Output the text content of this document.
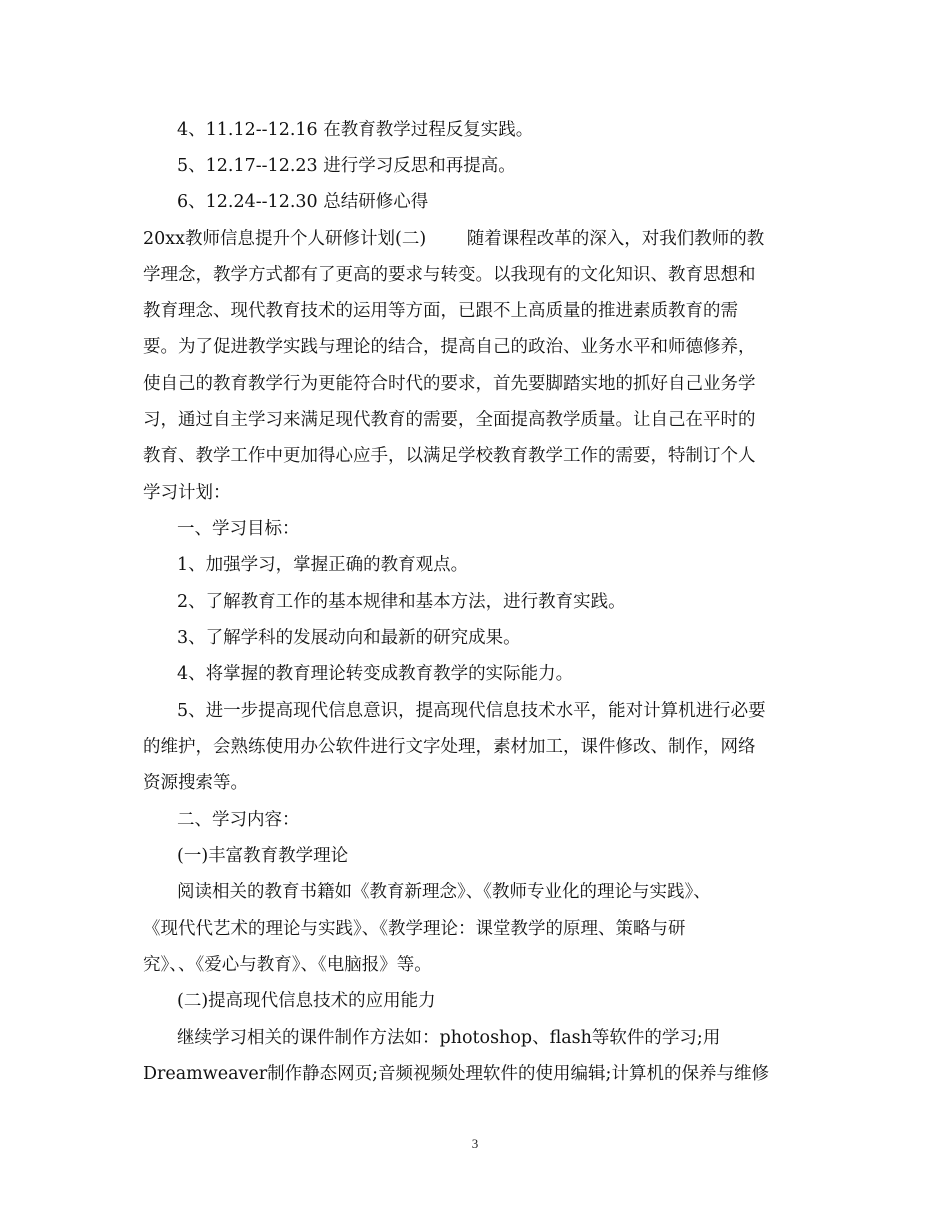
4、11.12--12.16 在教育教学过程反复实践。
5、12.17--12.23 进行学习反思和再提高。
6、12.24--12.30 总结研修心得
20xx教师信息提升个人研修计划(二)　　 随着课程改革的深入，对我们教师的教
学理念，教学方式都有了更高的要求与转变。以我现有的文化知识、教育思想和
教育理念、现代教育技术的运用等方面，已跟不上高质量的推进素质教育的需
要。为了促进教学实践与理论的结合，提高自己的政治、业务水平和师德修养，
使自己的教育教学行为更能符合时代的要求，首先要脚踏实地的抓好自己业务学
习，通过自主学习来满足现代教育的需要，全面提高教学质量。让自己在平时的
教育、教学工作中更加得心应手，以满足学校教育教学工作的需要，特制订个人
学习计划：
一、学习目标：
1、加强学习，掌握正确的教育观点。
2、了解教育工作的基本规律和基本方法，进行教育实践。
3、了解学科的发展动向和最新的研究成果。
4、将掌握的教育理论转变成教育教学的实际能力。
5、进一步提高现代信息意识，提高现代信息技术水平，能对计算机进行必要
的维护，会熟练使用办公软件进行文字处理，素材加工，课件修改、制作，网络
资源搜索等。
二、学习内容：
(一)丰富教育教学理论
阅读相关的教育书籍如《教育新理念》、《教师专业化的理论与实践》、
《现代代艺术的理论与实践》、《教学理论：课堂教学的原理、策略与研
究》、、《爱心与教育》、《电脑报》等。
(二)提高现代信息技术的应用能力
继续学习相关的课件制作方法如：photoshop、flash等软件的学习;用
Dreamweaver制作静态网页;音频视频处理软件的使用编辑;计算机的保养与维修
3
